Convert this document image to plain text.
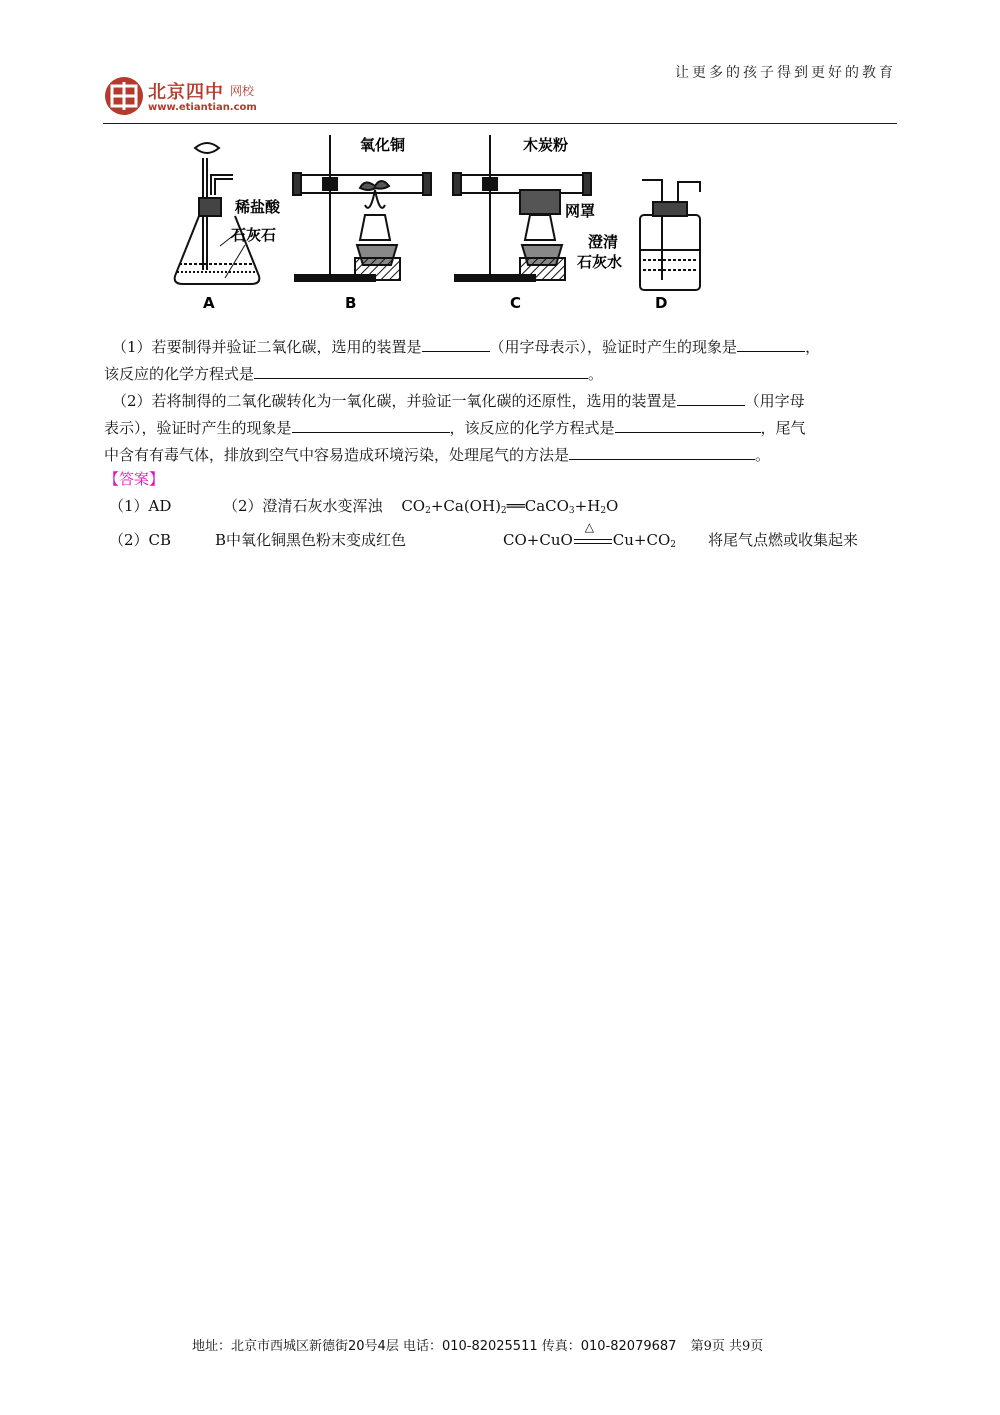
让更多的孩子得到更好的教育
北京四中 网校
www.etiantian.com
稀盐酸
石灰石
氧化铜	木炭粉
网罩
澄清
石灰水
A	B	C	D
（1）若要制得并验证二氧化碳，选用的装置是	（用字母表示），验证时产生的现象是	，
该反应的化学方程式是	。
（2）若将制得的二氧化碳转化为一氧化碳，并验证一氧化碳的还原性，选用的装置是	（用字母
表示），验证时产生的现象是	，该反应的化学方程式是	，尾气
中含有有毒气体，排放到空气中容易造成环境污染，处理尾气的方法是	。
【答案】
（1）AD	（2）澄清石灰水变浑浊 $CO_2+Ca(OH)_2══CaCO_3+H_2O$
（2）CB	B中氧化铜黑色粉末变成红色	CO+CuO
△
$Cu+CO_2$ 将尾气点燃或收集起来
地址：北京市西城区新德街20号4层 电话：010-82025511 传真：010-82079687 第9页 共9页
